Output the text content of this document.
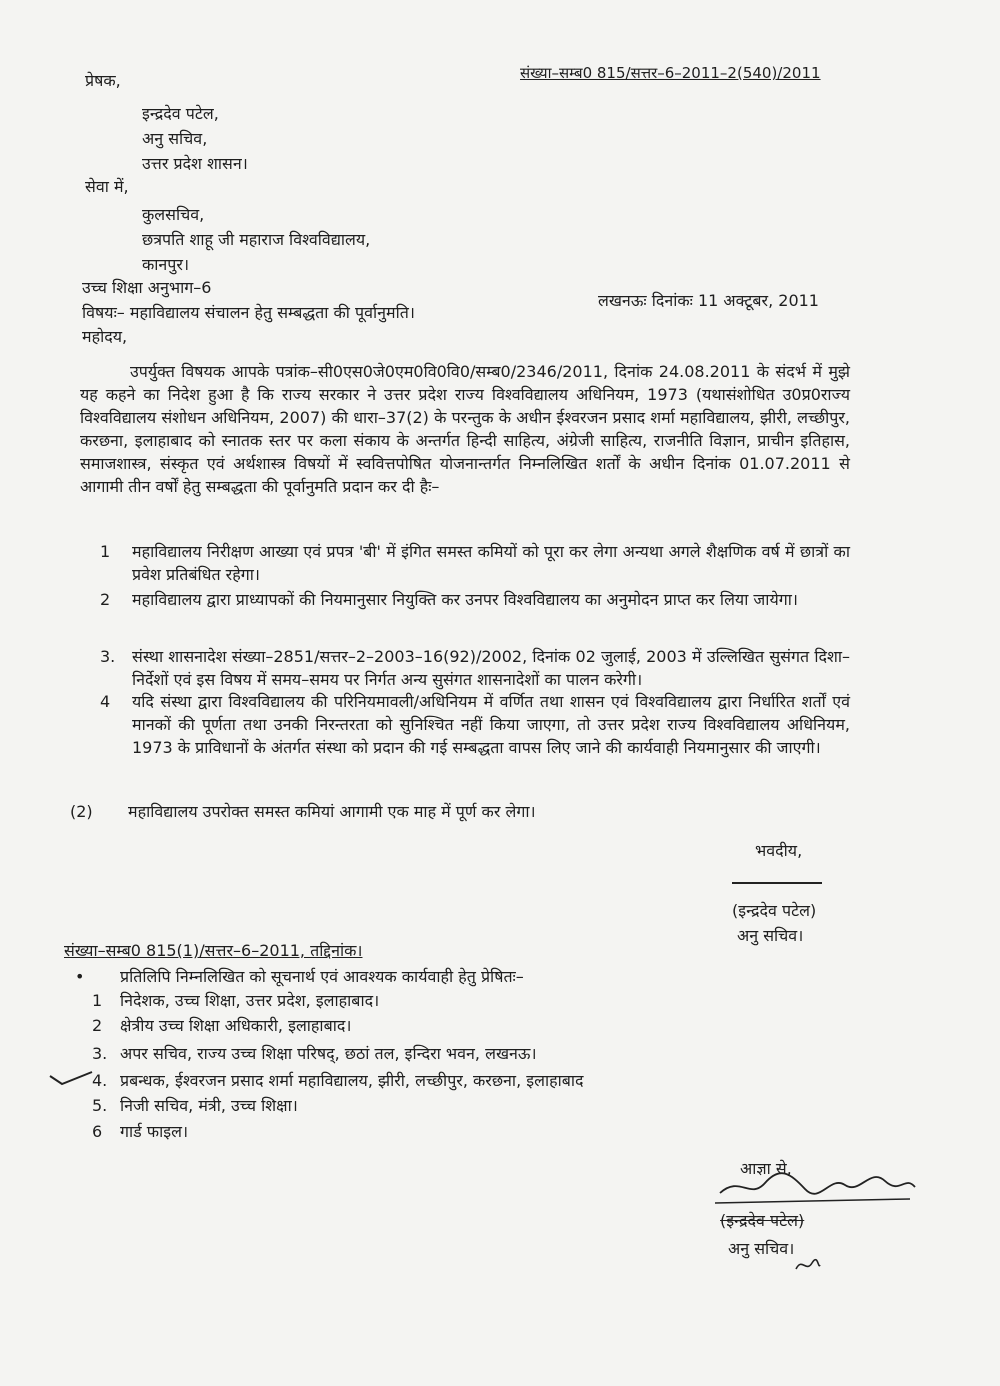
संख्या–सम्ब0 815/सत्तर–6–2011–2(540)/2011
प्रेषक,
इन्द्रदेव पटेल,
अनु सचिव,
उत्तर प्रदेश शासन।
सेवा में,
कुलसचिव,
छत्रपति शाहू जी महाराज विश्वविद्यालय,
कानपुर।
उच्च शिक्षा अनुभाग–6
लखनऊः दिनांकः 11 अक्टूबर, 2011
विषयः– महाविद्यालय संचालन हेतु सम्बद्धता की पूर्वानुमति।
महोदय,
उपर्युक्त विषयक आपके पत्रांक–सी0एस0जे0एम0वि0वि0/सम्ब0/2346/2011, दिनांक 24.08.2011 के संदर्भ में मुझे यह कहने का निदेश हुआ है कि राज्य सरकार ने उत्तर प्रदेश राज्य विश्वविद्यालय अधिनियम, 1973 (यथासंशोधित उ0प्र0राज्य विश्वविद्यालय संशोधन अधिनियम, 2007) की धारा–37(2) के परन्तुक के अधीन ईश्वरजन प्रसाद शर्मा महाविद्यालय, झीरी, लच्छीपुर, करछना, इलाहाबाद को स्नातक स्तर पर कला संकाय के अन्तर्गत हिन्दी साहित्य, अंग्रेजी साहित्य, राजनीति विज्ञान, प्राचीन इतिहास, समाजशास्त्र, संस्कृत एवं अर्थशास्त्र विषयों में स्ववित्तपोषित योजनान्तर्गत निम्नलिखित शर्तों के अधीन दिनांक 01.07.2011 से आगामी तीन वर्षों हेतु सम्बद्धता की पूर्वानुमति प्रदान कर दी हैः–
1	महाविद्यालय निरीक्षण आख्या एवं प्रपत्र 'बी' में इंगित समस्त कमियों को पूरा कर लेगा अन्यथा अगले शैक्षणिक वर्ष में छात्रों का प्रवेश प्रतिबंधित रहेगा।
2	महाविद्यालय द्वारा प्राध्यापकों की नियमानुसार नियुक्ति कर उनपर विश्वविद्यालय का अनुमोदन प्राप्त कर लिया जायेगा।
3.	संस्था शासनादेश संख्या–2851/सत्तर–2–2003–16(92)/2002, दिनांक 02 जुलाई, 2003 में उल्लिखित सुसंगत दिशा–निर्देशों एवं इस विषय में समय–समय पर निर्गत अन्य सुसंगत शासनादेशों का पालन करेगी।
4	यदि संस्था द्वारा विश्वविद्यालय की परिनियमावली/अधिनियम में वर्णित तथा शासन एवं विश्वविद्यालय द्वारा निर्धारित शर्तों एवं मानकों की पूर्णता तथा उनकी निरन्तरता को सुनिश्चित नहीं किया जाएगा, तो उत्तर प्रदेश राज्य विश्वविद्यालय अधिनियम, 1973 के प्राविधानों के अंतर्गत संस्था को प्रदान की गई सम्बद्धता वापस लिए जाने की कार्यवाही नियमानुसार की जाएगी।
(2) महाविद्यालय उपरोक्त समस्त कमियां आगामी एक माह में पूर्ण कर लेगा।
भवदीय,
(इन्द्रदेव पटेल)
अनु सचिव।
संख्या–सम्ब0 815(1)/सत्तर–6–2011, तद्दिनांक।
• प्रतिलिपि निम्नलिखित को सूचनार्थ एवं आवश्यक कार्यवाही हेतु प्रेषितः–
1 निदेशक, उच्च शिक्षा, उत्तर प्रदेश, इलाहाबाद।
2 क्षेत्रीय उच्च शिक्षा अधिकारी, इलाहाबाद।
3. अपर सचिव, राज्य उच्च शिक्षा परिषद्, छठां तल, इन्दिरा भवन, लखनऊ।
4. प्रबन्धक, ईश्वरजन प्रसाद शर्मा महाविद्यालय, झीरी, लच्छीपुर, करछना, इलाहाबाद
5. निजी सचिव, मंत्री, उच्च शिक्षा।
6 गार्ड फाइल।
आज्ञा से,
(इन्द्रदेव पटेल)
अनु सचिव।
